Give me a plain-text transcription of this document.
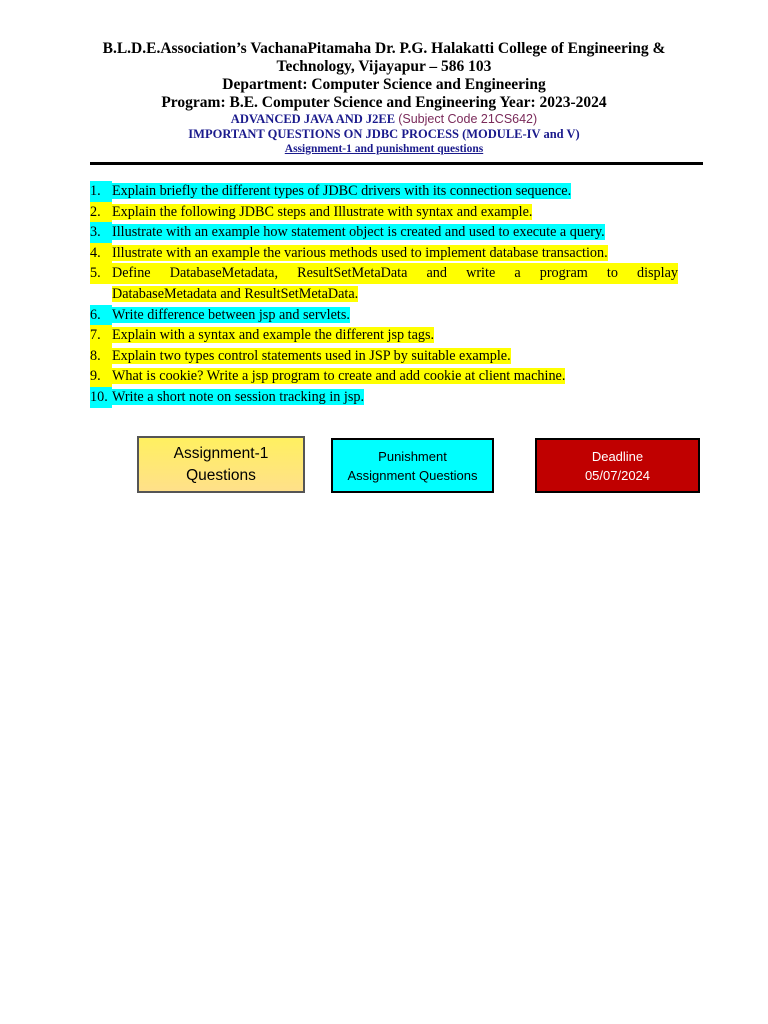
B.L.D.E.Association’s VachanaPitamaha Dr. P.G. Halakatti College of Engineering &
Technology, Vijayapur – 586 103
Department: Computer Science and Engineering
Program: B.E. Computer Science and Engineering Year: 2023-2024
ADVANCED JAVA AND J2EE (Subject Code 21CS642)
IMPORTANT QUESTIONS ON JDBC PROCESS (MODULE-IV and V)
Assignment-1 and punishment questions
1. Explain briefly the different types of JDBC drivers with its connection sequence.
2. Explain the following JDBC steps and Illustrate with syntax and example.
3. Illustrate with an example how statement object is created and used to execute a query.
4. Illustrate with an example the various methods used to implement database transaction.
5. Define DatabaseMetadata, ResultSetMetaData and write a program to display
DatabaseMetadata and ResultSetMetaData.
6. Write difference between jsp and servlets.
7. Explain with a syntax and example the different jsp tags.
8. Explain two types control statements used in JSP by suitable example.
9. What is cookie? Write a jsp program to create and add cookie at client machine.
10. Write a short note on session tracking in jsp.
Assignment-1
Questions
Punishment
Assignment Questions
Deadline
05/07/2024
